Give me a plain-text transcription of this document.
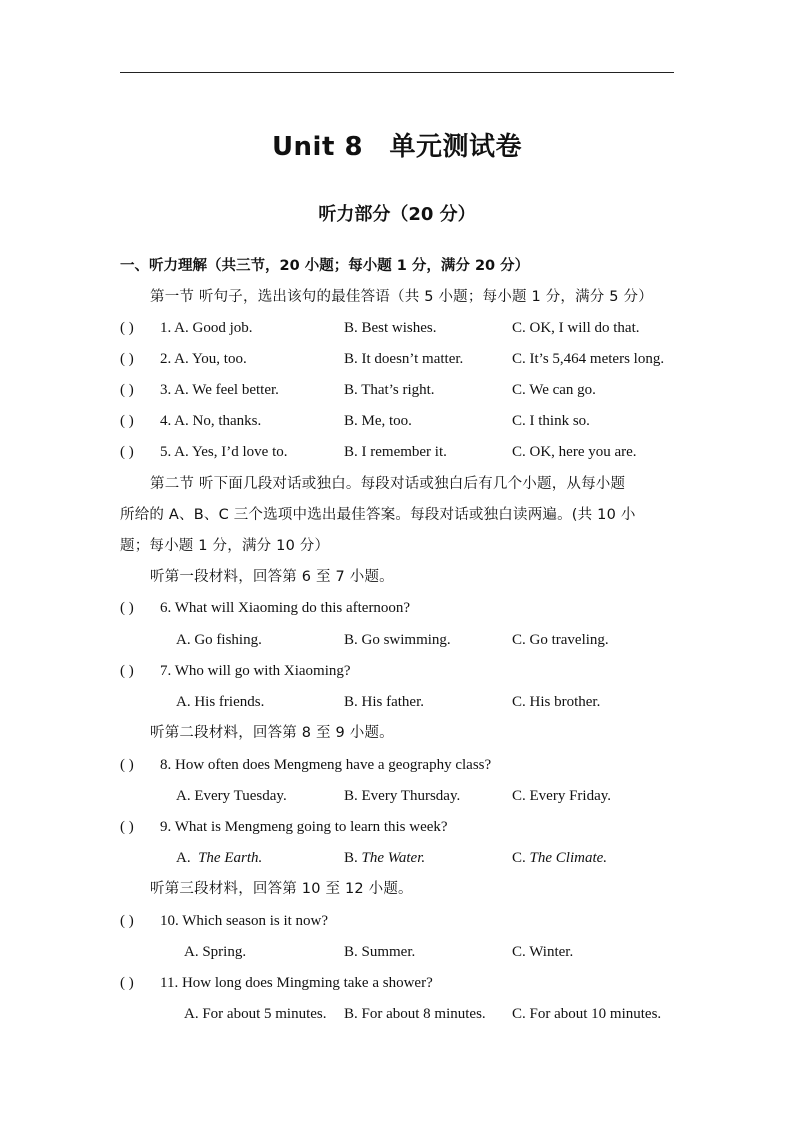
Unit 8　单元测试卷
听力部分（20 分）
一、听力理解（共三节，20 小题；每小题 1 分，满分 20 分）
第一节 听句子，选出该句的最佳答语（共 5 小题；每小题 1 分，满分 5 分）
( ) 1. A. Good job.	B. Best wishes.	C. OK, I will do that.
( ) 2. A. You, too.	B. It doesn’t matter.	C. It’s 5,464 meters long.
( ) 3. A. We feel better.	B. That’s right.	C. We can go.
( ) 4. A. No, thanks.	B. Me, too.	C. I think so.
( ) 5. A. Yes, I’d love to.	B. I remember it.	C. OK, here you are.
第二节 听下面几段对话或独白。每段对话或独白后有几个小题，从每小题
所给的 A、B、C 三个选项中选出最佳答案。每段对话或独白读两遍。(共 10 小
题；每小题 1 分，满分 10 分）
听第一段材料，回答第 6 至 7 小题。
( ) 6. What will Xiaoming do this afternoon?
A. Go fishing.	B. Go swimming.	C. Go traveling.
( ) 7. Who will go with Xiaoming?
A. His friends.	B. His father.	C. His brother.
听第二段材料，回答第 8 至 9 小题。
( ) 8. How often does Mengmeng have a geography class?
A. Every Tuesday.	B. Every Thursday.	C. Every Friday.
( ) 9. What is Mengmeng going to learn this week?
A. The Earth.	B. The Water.	C. The Climate.
听第三段材料，回答第 10 至 12 小题。
( ) 10. Which season is it now?
A. Spring.	B. Summer.	C. Winter.
( ) 11. How long does Mingming take a shower?
A. For about 5 minutes. B. For about 8 minutes. C. For about 10 minutes.
